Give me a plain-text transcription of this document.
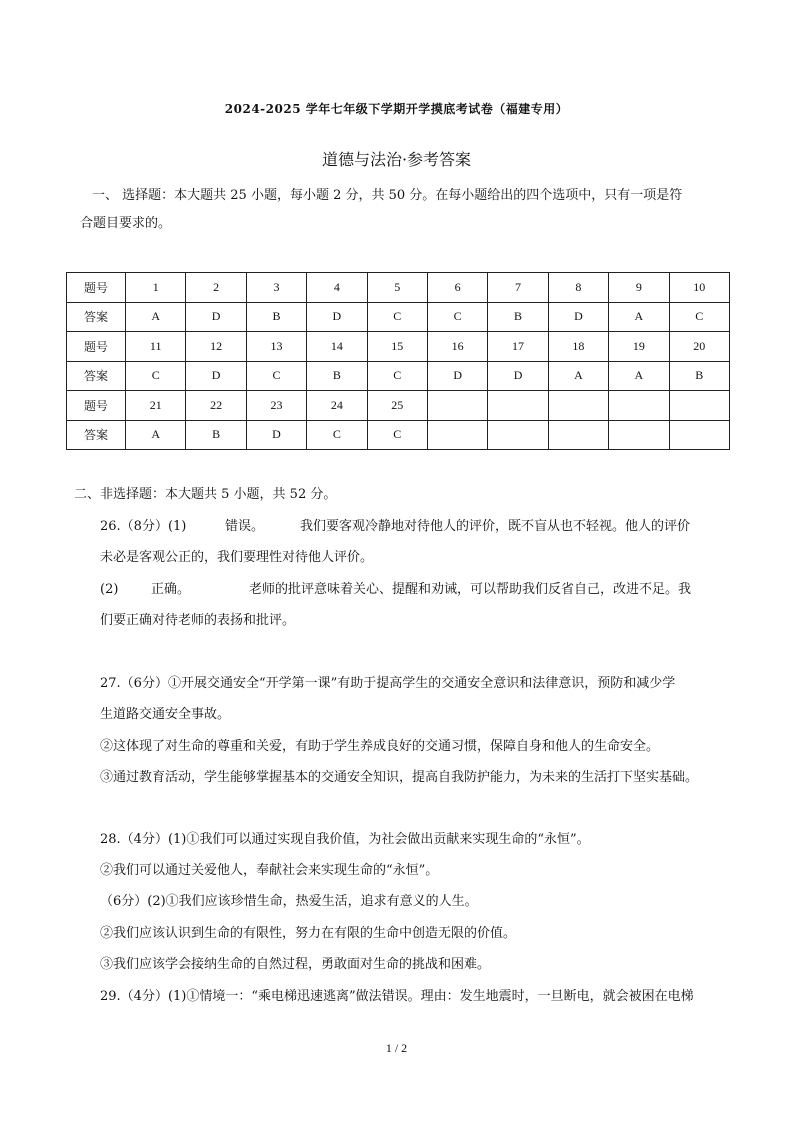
2024-2025 学年七年级下学期开学摸底考试卷（福建专用）
道德与法治·参考答案
一、 选择题：本大题共 25 小题，每小题 2 分，共 50 分。在每小题给出的四个选项中，只有一项是符
合题目要求的。
题号	1	2	3	4	5	6	7	8	9	10
答案	A	D	B	D	C	C	B	D	A	C
题号	11	12	13	14	15	16	17	18	19	20
答案	C	D	C	B	C	D	D	A	A	B
题号	21	22	23	24	25					
答案	A	B	D	C	C					
二、非选择题：本大题共 5 小题，共 52 分。
26.（8分）(1)	错误。	我们要客观冷静地对待他人的评价，既不盲从也不轻视。他人的评价
未必是客观公正的，我们要理性对待他人评价。
(2)	正确。	老师的批评意味着关心、提醒和劝诫，可以帮助我们反省自己，改进不足。我
们要正确对待老师的表扬和批评。
27.（6分）①开展交通安全“开学第一课”有助于提高学生的交通安全意识和法律意识，预防和减少学
生道路交通安全事故。
②这体现了对生命的尊重和关爱，有助于学生养成良好的交通习惯，保障自身和他人的生命安全。
③通过教育活动，学生能够掌握基本的交通安全知识，提高自我防护能力，为未来的生活打下坚实基础。
28.（4分）(1)①我们可以通过实现自我价值，为社会做出贡献来实现生命的“永恒”。
②我们可以通过关爱他人，奉献社会来实现生命的“永恒”。
（6分）(2)①我们应该珍惜生命，热爱生活，追求有意义的人生。
②我们应该认识到生命的有限性，努力在有限的生命中创造无限的价值。
③我们应该学会接纳生命的自然过程，勇敢面对生命的挑战和困难。
29.（4分）(1)①情境一：“乘电梯迅速逃离”做法错误。理由：发生地震时，一旦断电，就会被困在电梯
1 / 2
